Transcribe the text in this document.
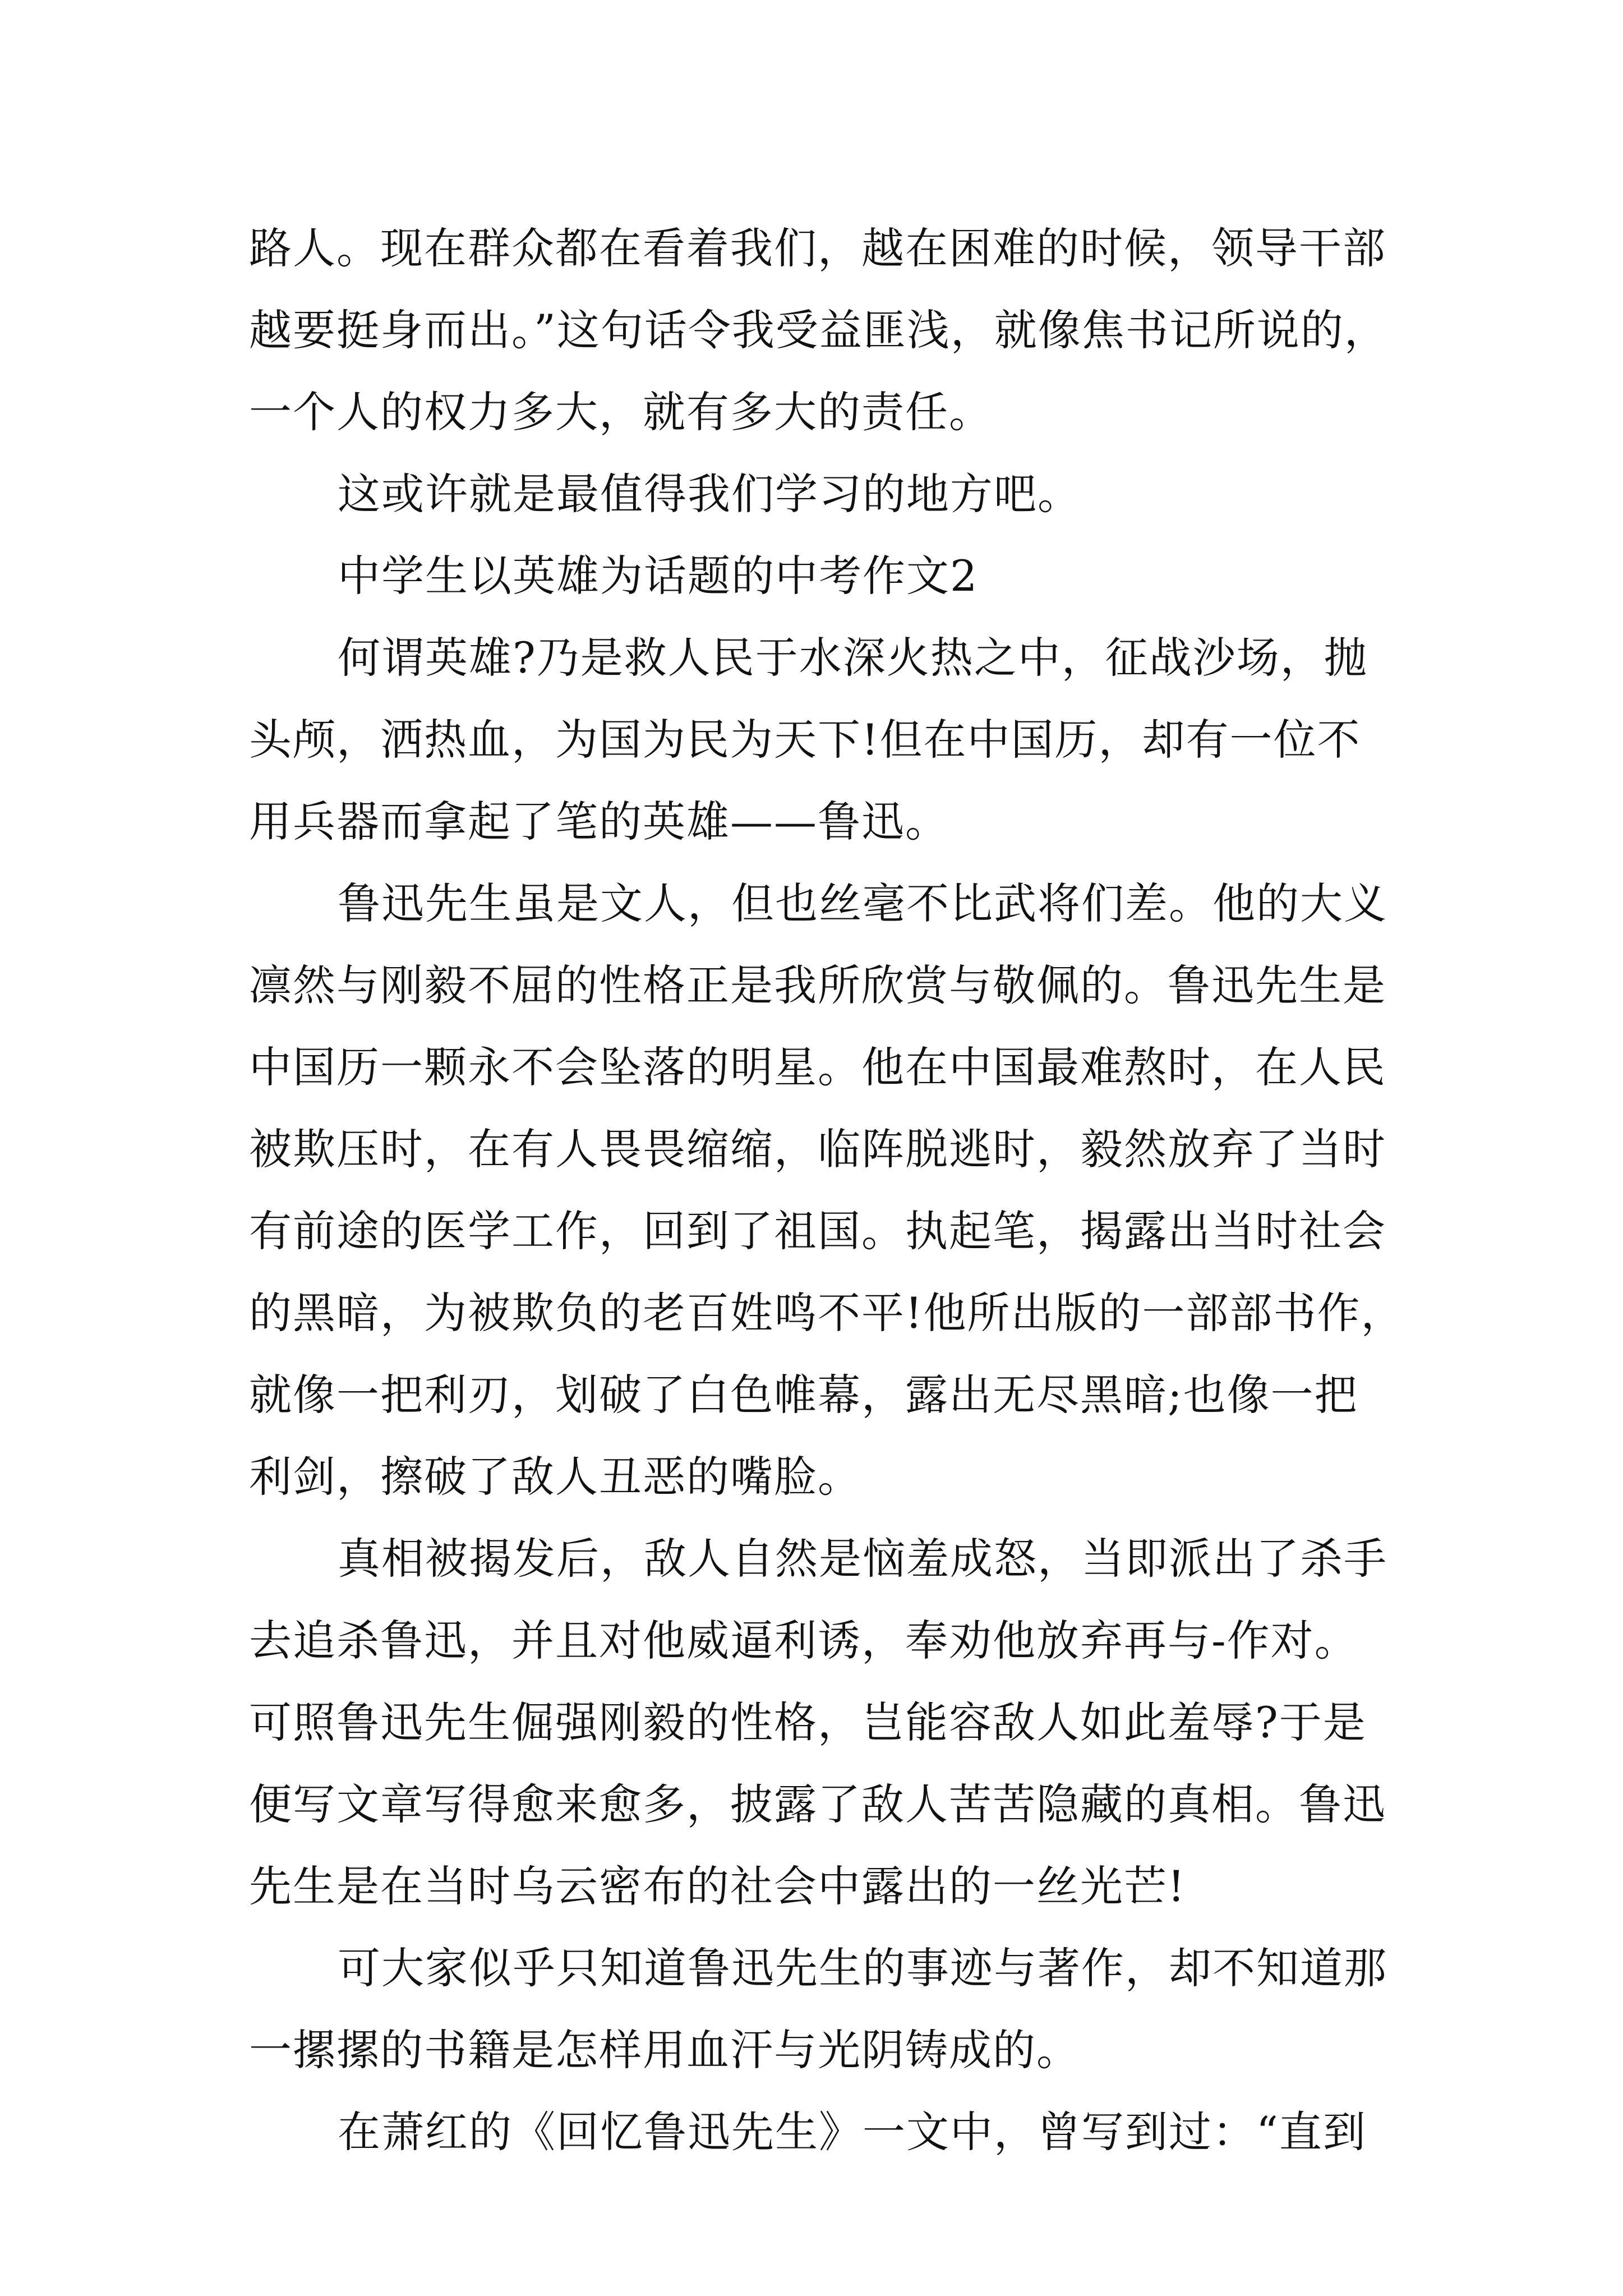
路人。现在群众都在看着我们，越在困难的时候，领导干部
越要挺身而出。”这句话令我受益匪浅，就像焦书记所说的，
一个人的权力多大，就有多大的责任。
这或许就是最值得我们学习的地方吧。
中学生以英雄为话题的中考作文2
何谓英雄?乃是救人民于水深火热之中，征战沙场，抛
头颅，洒热血，为国为民为天下!但在中国历，却有一位不
用兵器而拿起了笔的英雄——鲁迅。
鲁迅先生虽是文人，但也丝毫不比武将们差。他的大义
凛然与刚毅不屈的性格正是我所欣赏与敬佩的。鲁迅先生是
中国历一颗永不会坠落的明星。他在中国最难熬时，在人民
被欺压时，在有人畏畏缩缩，临阵脱逃时，毅然放弃了当时
有前途的医学工作，回到了祖国。执起笔，揭露出当时社会
的黑暗，为被欺负的老百姓鸣不平!他所出版的一部部书作，
就像一把利刃，划破了白色帷幕，露出无尽黑暗;也像一把
利剑，擦破了敌人丑恶的嘴脸。
真相被揭发后，敌人自然是恼羞成怒，当即派出了杀手
去追杀鲁迅，并且对他威逼利诱，奉劝他放弃再与-作对。
可照鲁迅先生倔强刚毅的性格，岂能容敌人如此羞辱?于是
便写文章写得愈来愈多，披露了敌人苦苦隐藏的真相。鲁迅
先生是在当时乌云密布的社会中露出的一丝光芒!
可大家似乎只知道鲁迅先生的事迹与著作，却不知道那
一摞摞的书籍是怎样用血汗与光阴铸成的。
在萧红的《回忆鲁迅先生》一文中，曾写到过：“直到
